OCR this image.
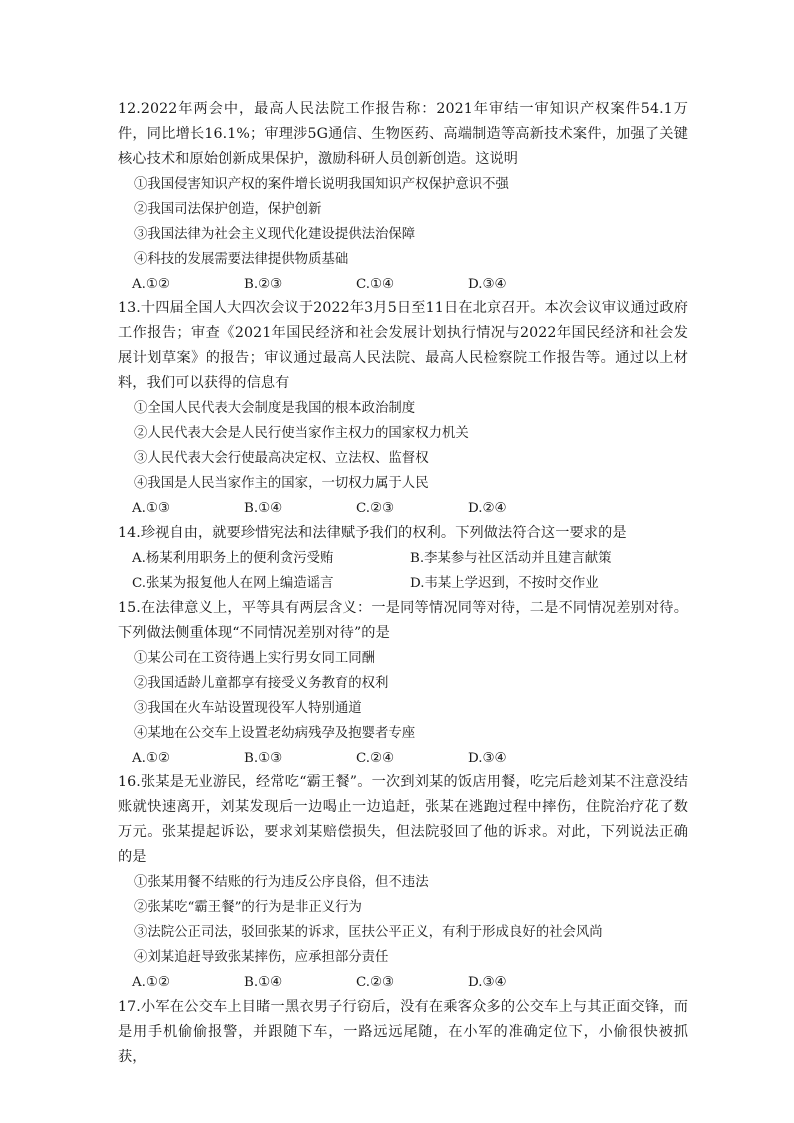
12.2022年两会中，最高人民法院工作报告称：2021年审结一审知识产权案件54.1万件，同比增长16.1%；审理涉5G通信、生物医药、高端制造等高新技术案件，加强了关键核心技术和原始创新成果保护，激励科研人员创新创造。这说明

①我国侵害知识产权的案件增长说明我国知识产权保护意识不强

②我国司法保护创造，保护创新

③我国法律为社会主义现代化建设提供法治保障

④科技的发展需要法律提供物质基础

A.①②	B.②③	C.①④	D.③④

13.十四届全国人大四次会议于2022年3月5日至11日在北京召开。本次会议审议通过政府工作报告；审查《2021年国民经济和社会发展计划执行情况与2022年国民经济和社会发展计划草案》的报告；审议通过最高人民法院、最高人民检察院工作报告等。通过以上材料，我们可以获得的信息有

①全国人民代表大会制度是我国的根本政治制度

②人民代表大会是人民行使当家作主权力的国家权力机关

③人民代表大会行使最高决定权、立法权、监督权

④我国是人民当家作主的国家，一切权力属于人民

A.①③	B.①④	C.②③	D.②④

14.珍视自由，就要珍惜宪法和法律赋予我们的权利。下列做法符合这一要求的是

A.杨某利用职务上的便利贪污受贿	B.李某参与社区活动并且建言献策
C.张某为报复他人在网上编造谣言	D.韦某上学迟到，不按时交作业

15.在法律意义上，平等具有两层含义：一是同等情况同等对待，二是不同情况差别对待。下列做法侧重体现“不同情况差别对待”的是

①某公司在工资待遇上实行男女同工同酬

②我国适龄儿童都享有接受义务教育的权利

③我国在火车站设置现役军人特别通道

④某地在公交车上设置老幼病残孕及抱婴者专座

A.①②	B.①③	C.②④	D.③④

16.张某是无业游民，经常吃“霸王餐”。一次到刘某的饭店用餐，吃完后趁刘某不注意没结账就快速离开，刘某发现后一边喝止一边追赶，张某在逃跑过程中摔伤，住院治疗花了数万元。张某提起诉讼，要求刘某赔偿损失，但法院驳回了他的诉求。对此，下列说法正确的是

①张某用餐不结账的行为违反公序良俗，但不违法

②张某吃“霸王餐”的行为是非正义行为

③法院公正司法，驳回张某的诉求，匡扶公平正义，有利于形成良好的社会风尚

④刘某追赶导致张某摔伤，应承担部分责任

A.①②	B.①④	C.②③	D.③④

17.小军在公交车上目睹一黑衣男子行窃后，没有在乘客众多的公交车上与其正面交锋，而是用手机偷偷报警，并跟随下车，一路远远尾随，在小军的准确定位下，小偷很快被抓获，
